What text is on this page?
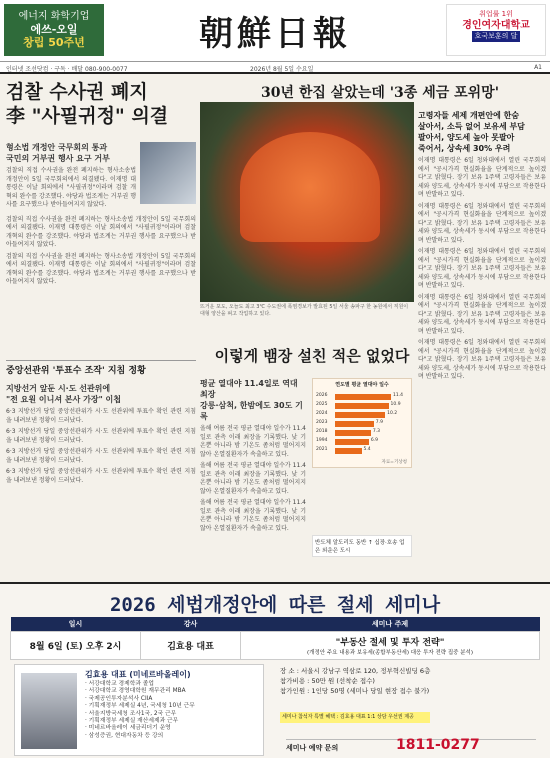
에너지 화학기업
에쓰-오일
창립 50주년	朝鮮日報	취업률 1위
경인여자대학교
호국보훈의 달
인터넷 조선닷컴 · 구독 · 배달 080-900-0077	2026년 8월 5일 수요일	A1
검찰 수사권 폐지
李 "사필귀정" 의결
형소법 개정안 국무회의 통과
국민의 거부권 행사 요구 거부
검찰의 직접 수사권을 완전 폐지하는 형사소송법 개정안이 5일 국무회의에서 의결됐다. 이재명 대통령은 이날 회의에서 "사필귀정"이라며 검찰 개혁의 완수를 강조했다. 야당과 법조계는 거부권 행사를 요구했으나 받아들여지지 않았다.
검찰의 직접 수사권을 완전 폐지하는 형사소송법 개정안이 5일 국무회의에서 의결됐다. 이재명 대통령은 이날 회의에서 "사필귀정"이라며 검찰 개혁의 완수를 강조했다. 야당과 법조계는 거부권 행사를 요구했으나 받아들여지지 않았다.
검찰의 직접 수사권을 완전 폐지하는 형사소송법 개정안이 5일 국무회의에서 의결됐다. 이재명 대통령은 이날 회의에서 "사필귀정"이라며 검찰 개혁의 완수를 강조했다. 야당과 법조계는 거부권 행사를 요구했으나 받아들여지지 않았다.
중앙선관위 '투표수 조작' 지침 정황
지방선거 앞둔 시·도 선관위에
"전 요원 이니셔 본사 가장" 이첩
6·3 지방선거 당일 중앙선관위가 시·도 선관위에 투표수 확인 관련 지침을 내려보낸 정황이 드러났다.
6·3 지방선거 당일 중앙선관위가 시·도 선관위에 투표수 확인 관련 지침을 내려보낸 정황이 드러났다.
6·3 지방선거 당일 중앙선관위가 시·도 선관위에 투표수 확인 관련 지침을 내려보낸 정황이 드러났다.
6·3 지방선거 당일 중앙선관위가 시·도 선관위에 투표수 확인 관련 지침을 내려보낸 정황이 드러났다.
30년 한집 살았는데 '3종 세금 포위망'
뜨거운 포도, 오늘도 최고 3℃ 수도권에 폭염경보가 발효된 5일 서울 송파구 한 농원에서 직원이 대형 양산을 펴고 작업하고 있다.
이렇게 뱀장 설친 적은 없었다
평균 열대야 11.4일로 역대 최장
강릉·삼척, 한밤에도 30도 기록
올해 여름 전국 평균 열대야 일수가 11.4일로 관측 이래 최장을 기록했다. 낮 기온뿐 아니라 밤 기온도 좀처럼 떨어지지 않아 온열질환자가 속출하고 있다.
올해 여름 전국 평균 열대야 일수가 11.4일로 관측 이래 최장을 기록했다. 낮 기온뿐 아니라 밤 기온도 좀처럼 떨어지지 않아 온열질환자가 속출하고 있다.
올해 여름 전국 평균 열대야 일수가 11.4일로 관측 이래 최장을 기록했다. 낮 기온뿐 아니라 밤 기온도 좀처럼 떨어지지 않아 온열질환자가 속출하고 있다.
연도별 평균 열대야 일수
2026	11.4
2025	10.9
2024	10.2
2023	7.9
2018	7.3
1994	6.9
2021	5.4
자료=기상청
반도체 알도리도 동반 ↑ 십장·호송 업은 외운은 도시
고령자들 세제 개편안에 한숨
살아서, 소득 없어 보유세 부담
팔아서, 양도세 높아 못팔아
죽어서, 상속세 30% 우려
이재명 대통령은 6일 청와대에서 열린 국무회의에서 "공시가격 현실화율을 단계적으로 높이겠다"고 밝혔다. 장기 보유 1주택 고령자들은 보유세와 양도세, 상속세가 동시에 부담으로 작용한다며 반발하고 있다.
이재명 대통령은 6일 청와대에서 열린 국무회의에서 "공시가격 현실화율을 단계적으로 높이겠다"고 밝혔다. 장기 보유 1주택 고령자들은 보유세와 양도세, 상속세가 동시에 부담으로 작용한다며 반발하고 있다.
이재명 대통령은 6일 청와대에서 열린 국무회의에서 "공시가격 현실화율을 단계적으로 높이겠다"고 밝혔다. 장기 보유 1주택 고령자들은 보유세와 양도세, 상속세가 동시에 부담으로 작용한다며 반발하고 있다.
이재명 대통령은 6일 청와대에서 열린 국무회의에서 "공시가격 현실화율을 단계적으로 높이겠다"고 밝혔다. 장기 보유 1주택 고령자들은 보유세와 양도세, 상속세가 동시에 부담으로 작용한다며 반발하고 있다.
이재명 대통령은 6일 청와대에서 열린 국무회의에서 "공시가격 현실화율을 단계적으로 높이겠다"고 밝혔다. 장기 보유 1주택 고령자들은 보유세와 양도세, 상속세가 동시에 부담으로 작용한다며 반발하고 있다.
2026 세법개정안에 따른 절세 세미나
일시	강사	세미나 주제
8월 6일 (토) 오후 2시	김효용 대표	"부동산 절세 및 투자 전략"
(개정안 주요 내용과 보유세(종합부동산세) 대응 투자 전략 집중 분석)
김효용 대표 (미네르바올레이)
· 서강대학교 경제학과 졸업
· 서강대학교 경영대학원 재무관리 MBA
· 국제공인투자분석사 CIIA
· 기획재정부 세제실 4년, 국세청 10년 근무
· 서울지방국세청 조사1국, 2국 근무
· 기획재정부 세제실 재산세제과 근무
· 미네르바올레이 세금리더기 운영
· 삼성증권, 현대자동차 등 강의
장 소 : 서울시 강남구 역삼로 120, 정부혁신빌딩 6층
참가비용 : 50만 원 (선착순 접수)
참가인원 : 1인당 50명 (세미나 당일 현장 접수 불가)
세미나 참석자 특별 혜택 : 김효용 대표 1:1 상담 우선권 제공
세미나 예약 문의	1811-0277
